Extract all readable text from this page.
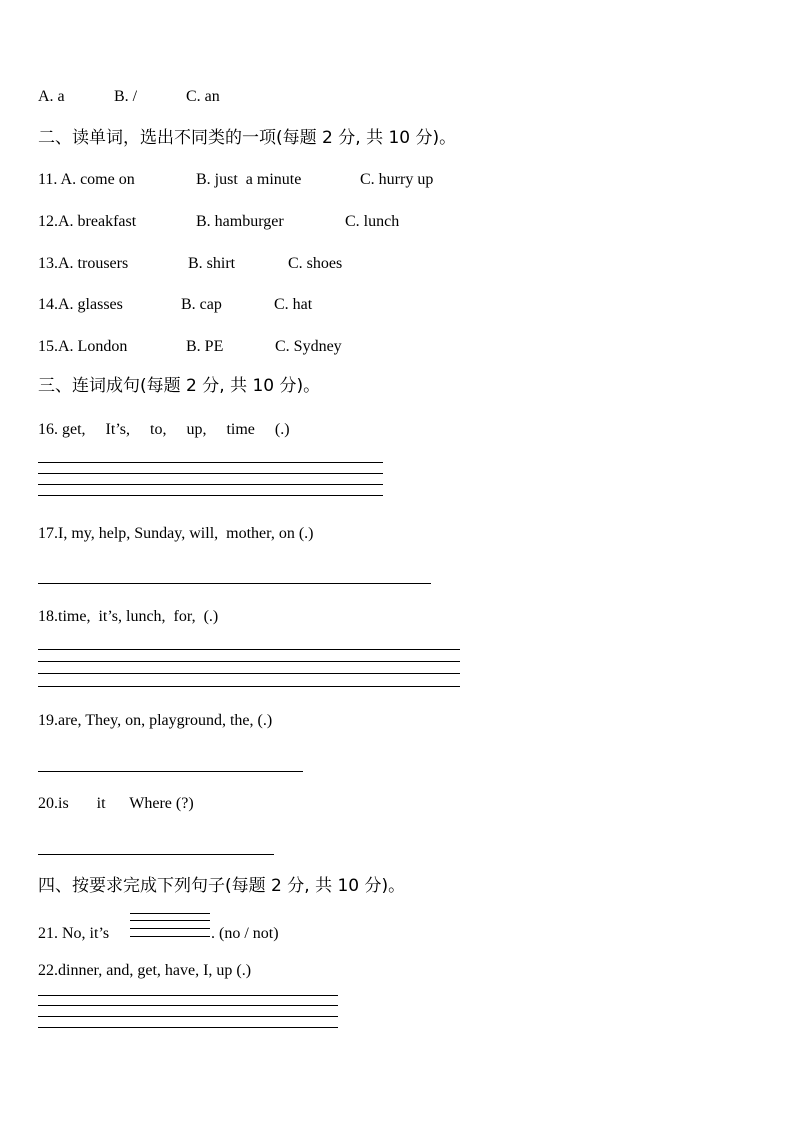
A. a	B. /	C. an
二、读单词，选出不同类的一项(每题 2 分, 共 10 分)。
11. A. come on	B. just  a minute	C. hurry up
12.A. breakfast	B. hamburger	C. lunch
13.A. trousers	B. shirt	C. shoes
14.A. glasses	B. cap	C. hat
15.A. London	B. PE	C. Sydney
三、连词成句(每题 2 分, 共 10 分)。
16. get,     It’s,     to,     up,     time     (.)
17.I, my, help, Sunday, will,  mother, on (.)
18.time,  it’s, lunch,  for,  (.)
19.are, They, on, playground, the, (.)
20.is       it      Where (?)
四、按要求完成下列句子(每题 2 分, 共 10 分)。
21. No, it’s	. (no / not)
22.dinner, and, get, have, I, up (.)
